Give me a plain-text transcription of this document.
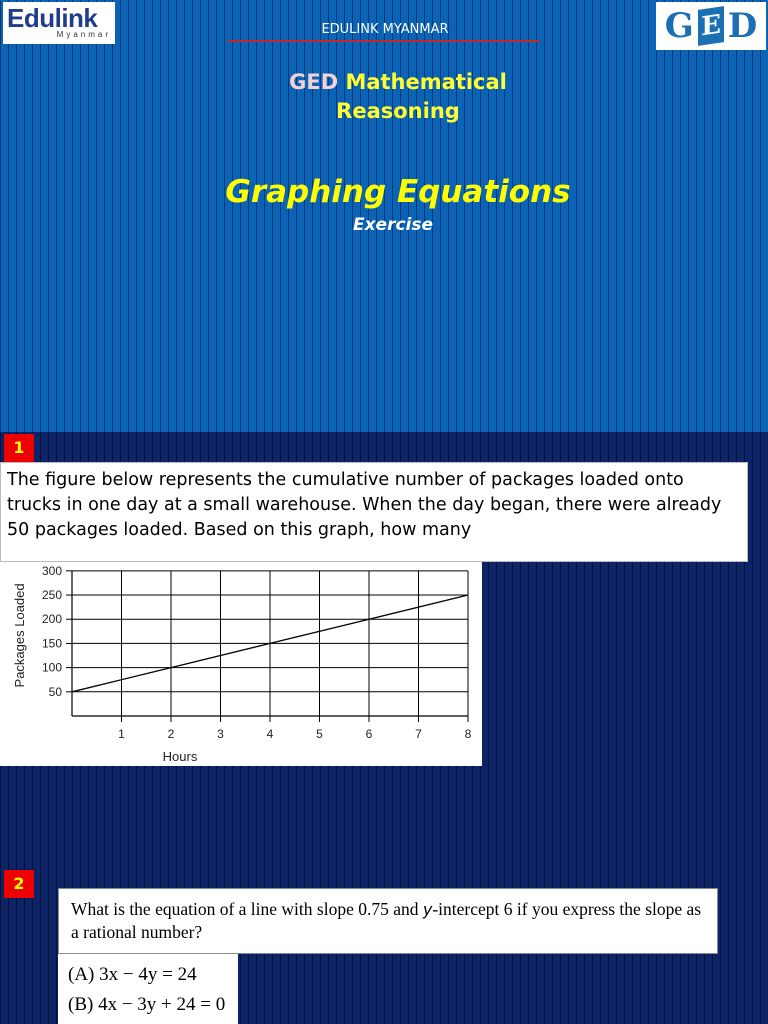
Edulink
Myanmar	EDULINK MYANMAR	G E D
GED Mathematical
Reasoning
Graphing Equations
Exercise
1
The figure below represents the cumulative number of packages loaded onto trucks in one day at a small warehouse. When the day began, there were already 50 packages loaded. Based on this graph, how many
50
100
150
200
250
300
1	2	3	4	5	6	7	8
Hours
Packages Loaded
2
What is the equation of a line with slope 0.75 and y-intercept 6 if you express the slope as a rational number?
(A) 3x − 4y = 24
(B) 4x − 3y + 24 = 0
